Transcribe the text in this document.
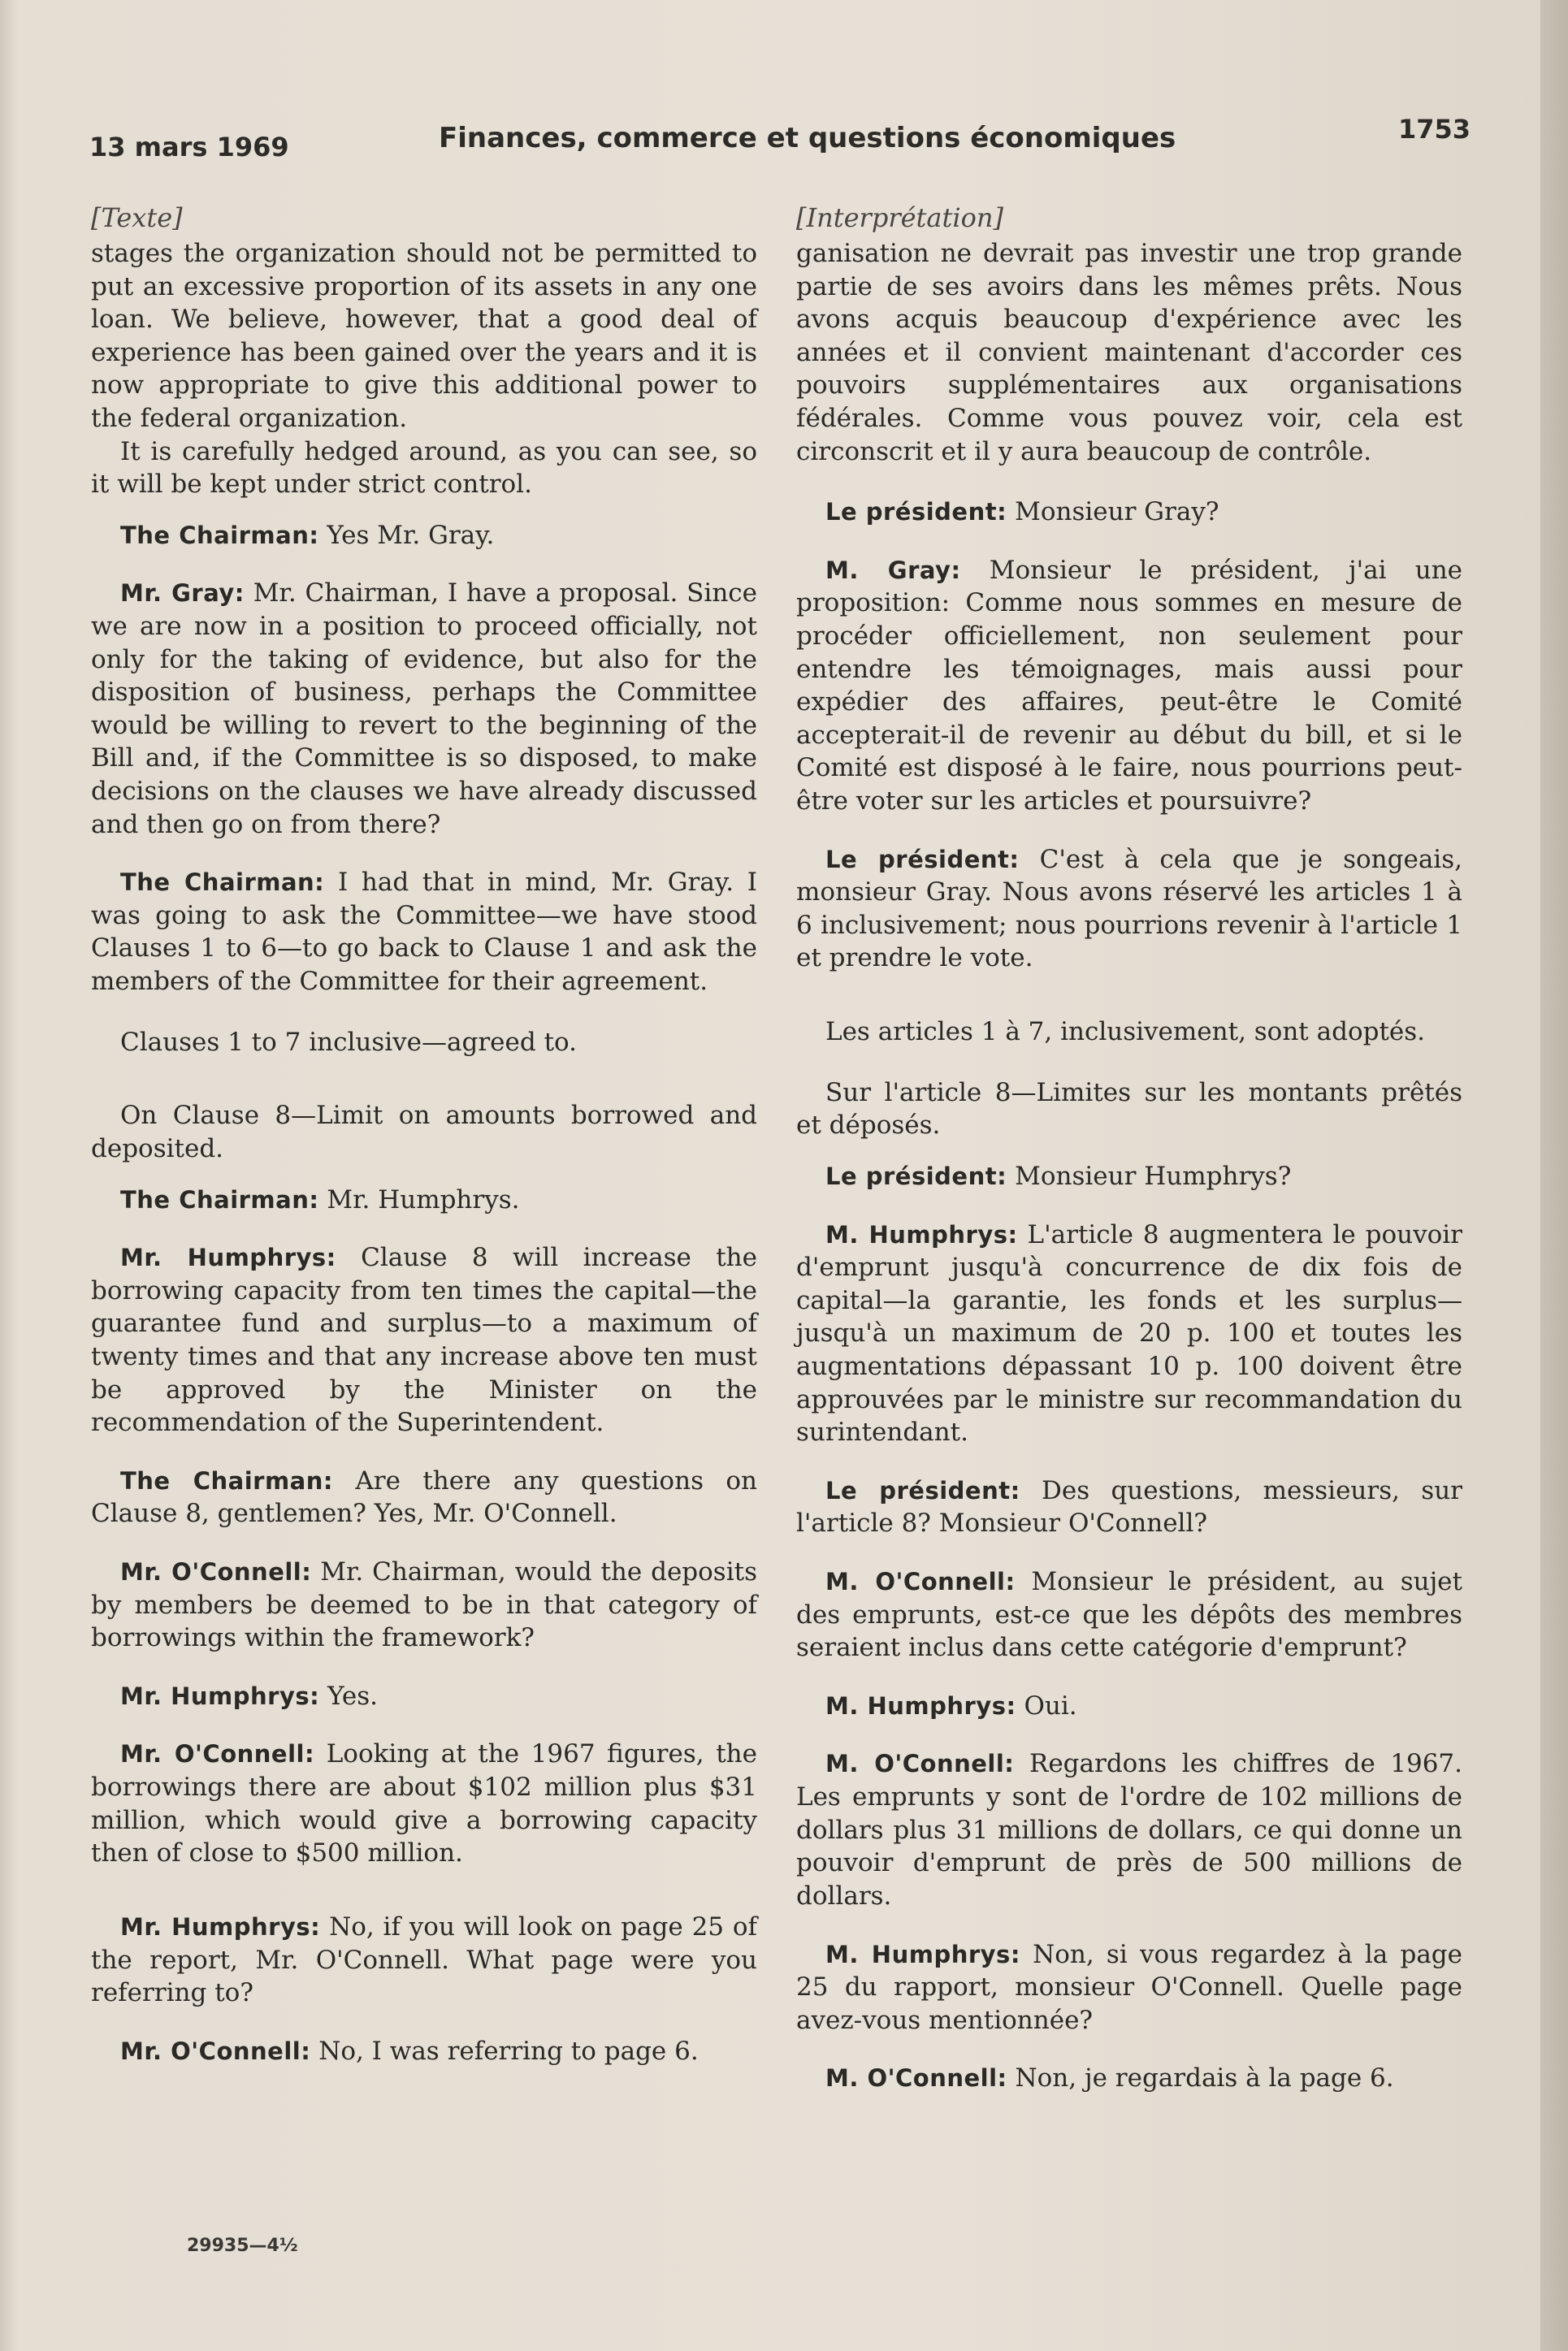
13 mars 1969	Finances, commerce et questions économiques	1753
[Texte]

stages the organization should not be permitted to put an excessive proportion of its assets in any one loan. We believe, however, that a good deal of experience has been gained over the years and it is now appropriate to give this additional power to the federal organization.

It is carefully hedged around, as you can see, so it will be kept under strict control.

The Chairman: Yes Mr. Gray.

Mr. Gray: Mr. Chairman, I have a proposal. Since we are now in a position to proceed officially, not only for the taking of evidence, but also for the disposition of business, perhaps the Committee would be willing to revert to the beginning of the Bill and, if the Committee is so disposed, to make decisions on the clauses we have already discussed and then go on from there?

The Chairman: I had that in mind, Mr. Gray. I was going to ask the Committee—we have stood Clauses 1 to 6—to go back to Clause 1 and ask the members of the Committee for their agreement.

Clauses 1 to 7 inclusive—agreed to.

On Clause 8—Limit on amounts borrowed and deposited.

The Chairman: Mr. Humphrys.

Mr. Humphrys: Clause 8 will increase the borrowing capacity from ten times the capital—the guarantee fund and surplus—to a maximum of twenty times and that any increase above ten must be approved by the Minister on the recommendation of the Superintendent.

The Chairman: Are there any questions on Clause 8, gentlemen? Yes, Mr. O'Connell.

Mr. O'Connell: Mr. Chairman, would the deposits by members be deemed to be in that category of borrowings within the framework?

Mr. Humphrys: Yes.

Mr. O'Connell: Looking at the 1967 figures, the borrowings there are about $102 million plus $31 million, which would give a borrowing capacity then of close to $500 million.

Mr. Humphrys: No, if you will look on page 25 of the report, Mr. O'Connell. What page were you referring to?

Mr. O'Connell: No, I was referring to page 6.

[Interprétation]

ganisation ne devrait pas investir une trop grande partie de ses avoirs dans les mêmes prêts. Nous avons acquis beaucoup d'expérience avec les années et il convient maintenant d'accorder ces pouvoirs supplémentaires aux organisations fédérales. Comme vous pouvez voir, cela est circonscrit et il y aura beaucoup de contrôle.

Le président: Monsieur Gray?

M. Gray: Monsieur le président, j'ai une proposition: Comme nous sommes en mesure de procéder officiellement, non seulement pour entendre les témoignages, mais aussi pour expédier des affaires, peut-être le Comité accepterait-il de revenir au début du bill, et si le Comité est disposé à le faire, nous pourrions peut-être voter sur les articles et poursuivre?

Le président: C'est à cela que je songeais, monsieur Gray. Nous avons réservé les articles 1 à 6 inclusivement; nous pourrions revenir à l'article 1 et prendre le vote.

Les articles 1 à 7, inclusivement, sont adoptés.

Sur l'article 8—Limites sur les montants prêtés et déposés.

Le président: Monsieur Humphrys?

M. Humphrys: L'article 8 augmentera le pouvoir d'emprunt jusqu'à concurrence de dix fois de capital—la garantie, les fonds et les surplus—jusqu'à un maximum de 20 p. 100 et toutes les augmentations dépassant 10 p. 100 doivent être approuvées par le ministre sur recommandation du surintendant.

Le président: Des questions, messieurs, sur l'article 8? Monsieur O'Connell?

M. O'Connell: Monsieur le président, au sujet des emprunts, est-ce que les dépôts des membres seraient inclus dans cette catégorie d'emprunt?

M. Humphrys: Oui.

M. O'Connell: Regardons les chiffres de 1967. Les emprunts y sont de l'ordre de 102 millions de dollars plus 31 millions de dollars, ce qui donne un pouvoir d'emprunt de près de 500 millions de dollars.

M. Humphrys: Non, si vous regardez à la page 25 du rapport, monsieur O'Connell. Quelle page avez-vous mentionnée?

M. O'Connell: Non, je regardais à la page 6.

29935—4½
